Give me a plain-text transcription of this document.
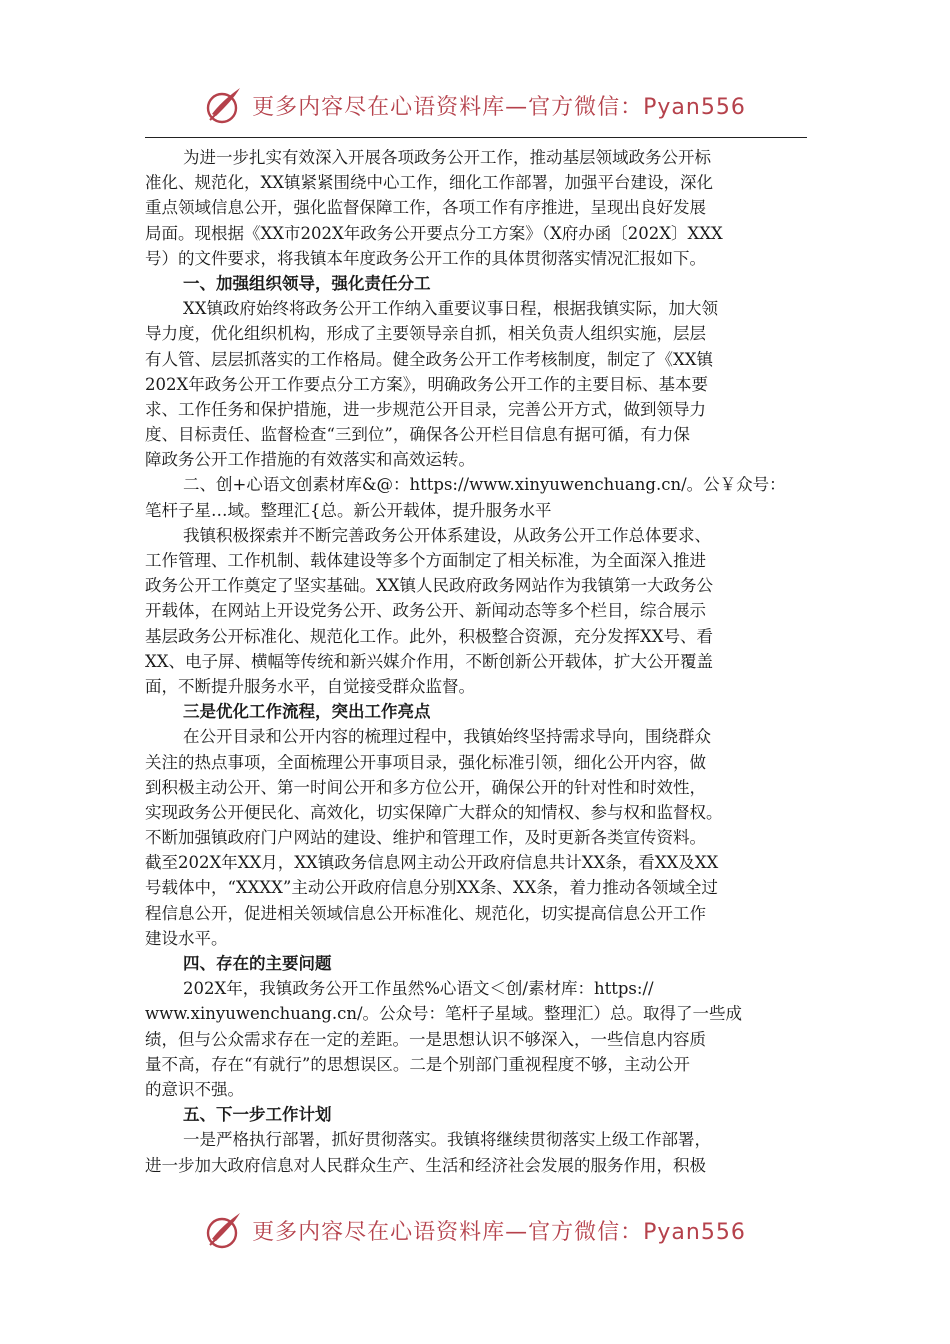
更多内容尽在心语资料库—官方微信：Pyan556
为进一步扎实有效深入开展各项政务公开工作，推动基层领域政务公开标
准化、规范化，XX镇紧紧围绕中心工作，细化工作部署，加强平台建设，深化
重点领域信息公开，强化监督保障工作，各项工作有序推进，呈现出良好发展
局面。现根据《XX市202X年政务公开要点分工方案》（X府办函〔202X〕XXX
号）的文件要求，将我镇本年度政务公开工作的具体贯彻落实情况汇报如下。
一、加强组织领导，强化责任分工
XX镇政府始终将政务公开工作纳入重要议事日程，根据我镇实际，加大领
导力度，优化组织机构，形成了主要领导亲自抓，相关负责人组织实施，层层
有人管、层层抓落实的工作格局。健全政务公开工作考核制度，制定了《XX镇
202X年政务公开工作要点分工方案》，明确政务公开工作的主要目标、基本要
求、工作任务和保护措施，进一步规范公开目录，完善公开方式，做到领导力
度、目标责任、监督检查“三到位”，确保各公开栏目信息有据可循，有力保
障政务公开工作措施的有效落实和高效运转。
二、创+心语文创素材库&@：https://www.xinyuwenchuang.cn/。公￥众号：
笔杆子星…域。整理汇{总。新公开载体，提升服务水平
我镇积极探索并不断完善政务公开体系建设，从政务公开工作总体要求、
工作管理、工作机制、载体建设等多个方面制定了相关标准，为全面深入推进
政务公开工作奠定了坚实基础。XX镇人民政府政务网站作为我镇第一大政务公
开载体，在网站上开设党务公开、政务公开、新闻动态等多个栏目，综合展示
基层政务公开标准化、规范化工作。此外，积极整合资源，充分发挥XX号、看
XX、电子屏、横幅等传统和新兴媒介作用，不断创新公开载体，扩大公开覆盖
面，不断提升服务水平，自觉接受群众监督。
三是优化工作流程，突出工作亮点
在公开目录和公开内容的梳理过程中，我镇始终坚持需求导向，围绕群众
关注的热点事项，全面梳理公开事项目录，强化标准引领，细化公开内容，做
到积极主动公开、第一时间公开和多方位公开，确保公开的针对性和时效性，
实现政务公开便民化、高效化，切实保障广大群众的知情权、参与权和监督权。
不断加强镇政府门户网站的建设、维护和管理工作，及时更新各类宣传资料。
截至202X年XX月，XX镇政务信息网主动公开政府信息共计XX条，看XX及XX
号载体中，“XXXX”主动公开政府信息分别XX条、XX条，着力推动各领域全过
程信息公开，促进相关领域信息公开标准化、规范化，切实提高信息公开工作
建设水平。
四、存在的主要问题
202X年，我镇政务公开工作虽然%心语文＜创/素材库：https://
www.xinyuwenchuang.cn/。公众号：笔杆子星域。整理汇）总。取得了一些成
绩，但与公众需求存在一定的差距。一是思想认识不够深入，一些信息内容质
量不高，存在“有就行”的思想误区。二是个别部门重视程度不够，主动公开
的意识不强。
五、下一步工作计划
一是严格执行部署，抓好贯彻落实。我镇将继续贯彻落实上级工作部署，
进一步加大政府信息对人民群众生产、生活和经济社会发展的服务作用，积极
更多内容尽在心语资料库—官方微信：Pyan556
